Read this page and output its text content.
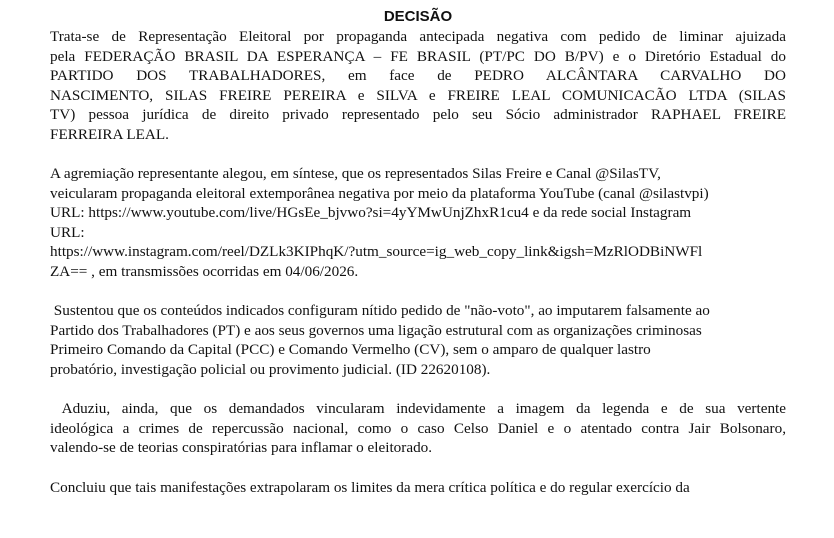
DECISÃO

Trata-se de Representação Eleitoral por propaganda antecipada negativa com pedido de liminar ajuizada
pela FEDERAÇÃO BRASIL DA ESPERANÇA – FE BRASIL (PT/PC DO B/PV) e o Diretório Estadual do
PARTIDO DOS TRABALHADORES, em face de PEDRO ALCÂNTARA CARVALHO DO
NASCIMENTO, SILAS FREIRE PEREIRA e SILVA e FREIRE LEAL COMUNICACÃO LTDA (SILAS
TV) pessoa jurídica de direito privado representado pelo seu Sócio administrador RAPHAEL FREIRE
FERREIRA LEAL.

A agremiação representante alegou, em síntese, que os representados Silas Freire e Canal @SilasTV,
veicularam propaganda eleitoral extemporânea negativa por meio da plataforma YouTube (canal @silastvpi)
URL: https://www.youtube.com/live/HGsEe_bjvwo?si=4yYMwUnjZhxR1cu4 e da rede social Instagram
URL:
https://www.instagram.com/reel/DZLk3KIPhqK/?utm_source=ig_web_copy_link&igsh=MzRlODBiNWFl
ZA== , em transmissões ocorridas em 04/06/2026.

Sustentou que os conteúdos indicados configuram nítido pedido de "não-voto", ao imputarem falsamente ao
Partido dos Trabalhadores (PT) e aos seus governos uma ligação estrutural com as organizações criminosas
Primeiro Comando da Capital (PCC) e Comando Vermelho (CV), sem o amparo de qualquer lastro
probatório, investigação policial ou provimento judicial. (ID 22620108).

Aduziu, ainda, que os demandados vincularam indevidamente a imagem da legenda e de sua vertente
ideológica a crimes de repercussão nacional, como o caso Celso Daniel e o atentado contra Jair Bolsonaro,
valendo-se de teorias conspiratórias para inflamar o eleitorado.

Concluiu que tais manifestações extrapolaram os limites da mera crítica política e do regular exercício da
